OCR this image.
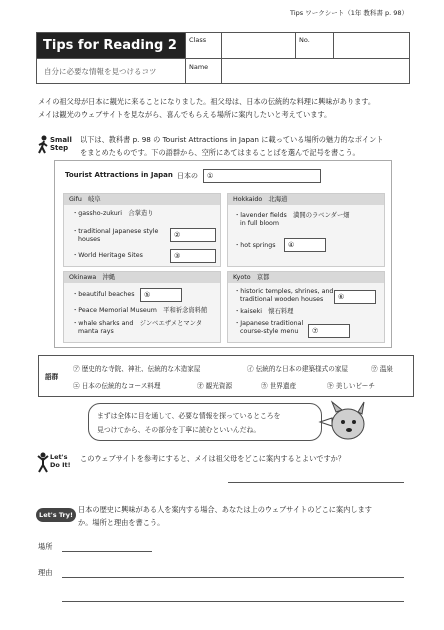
Tips ワークシート（1年 教科書 p. 98）
Tips for Reading 2
自分に必要な情報を見つけるコツ
Class	No.
Name
メイの祖父母が日本に観光に来ることになりました。祖父母は、日本の伝統的な料理に興味があります。
メイは観光のウェブサイトを見ながら、喜んでもらえる場所に案内したいと考えています。
Small Step
以下は、教科書 p. 98 の Tourist Attractions in Japan に載っている場所の魅力的なポイント
をまとめたものです。下の語群から、空所にあてはまることばを選んで記号を書こう。
Tourist Attractions in Japan 日本の ①
Gifu　岐阜
・gassho-zukuri　合掌造り
・traditional Japanese style
houses
・World Heritage Sites
②
③
Hokkaido　北海道
・lavender fields　満開のラベンダー畑
in full bloom
・hot springs ④
Okinawa　沖縄
・beautiful beaches
・Peace Memorial Museum　平和祈念資料館
・whale sharks and　ジンベエザメとマンタ
manta rays
⑤
Kyoto　京都
・historic temples, shrines, and
traditional wooden houses
・kaiseki　懐石料理
・Japanese traditional
course-style menu
⑥
⑦
語群
㋐ 歴史的な寺院、神社、伝統的な木造家屋	㋑ 伝統的な日本の建築様式の家屋	㋒ 温泉
㋓ 日本の伝統的なコース料理	㋔ 観光資源	㋕ 世界遺産	㋖ 美しいビーチ
まずは全体に目を通して、必要な情報を探っているところを
見つけてから、その部分を丁寧に読むといいんだね。
Let's Do It!
このウェブサイトを参考にすると、メイは祖父母をどこに案内するとよいですか？
Let's Try!
日本の歴史に興味がある人を案内する場合、あなたは上のウェブサイトのどこに案内します
か。場所と理由を書こう。
場所
理由
